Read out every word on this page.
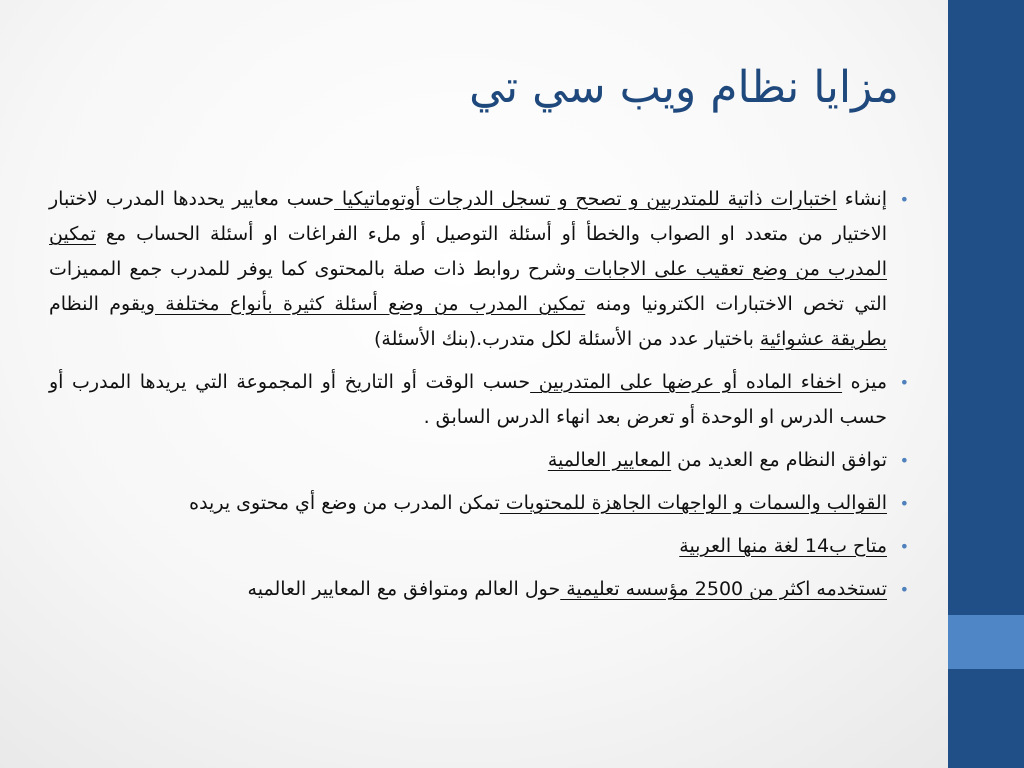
مزايا نظام ويب سي تي
•
إنشاء اختبارات ذاتية للمتدربين و تصحح و تسجل الدرجات أوتوماتيكيا حسب معايير يحددها المدرب لاختبار الاختيار من متعدد او الصواب والخطأ أو أسئلة التوصيل أو ملء الفراغات او أسئلة الحساب مع تمكين المدرب من وضع تعقيب على الاجابات وشرح روابط ذات صلة بالمحتوى كما يوفر للمدرب جمع المميزات التي تخص الاختبارات الكترونيا ومنه تمكين المدرب من وضع أسئلة كثيرة بأنواع مختلفة ويقوم النظام بطريقة عشوائية باختيار عدد من الأسئلة لكل متدرب.(بنك الأسئلة)
•
ميزه اخفاء الماده أو عرضها على المتدربين حسب الوقت أو التاريخ أو المجموعة التي يريدها المدرب أو حسب الدرس او الوحدة أو تعرض بعد انهاء الدرس السابق .
•
توافق النظام مع العديد من المعايير العالمية
•
القوالب والسمات و الواجهات الجاهزة للمحتويات تمكن المدرب من وضع أي محتوى يريده
•
متاح ب14 لغة منها العربية
•
تستخدمه اكثر من 2500 مؤسسه تعليمية حول العالم ومتوافق مع المعايير العالميه
